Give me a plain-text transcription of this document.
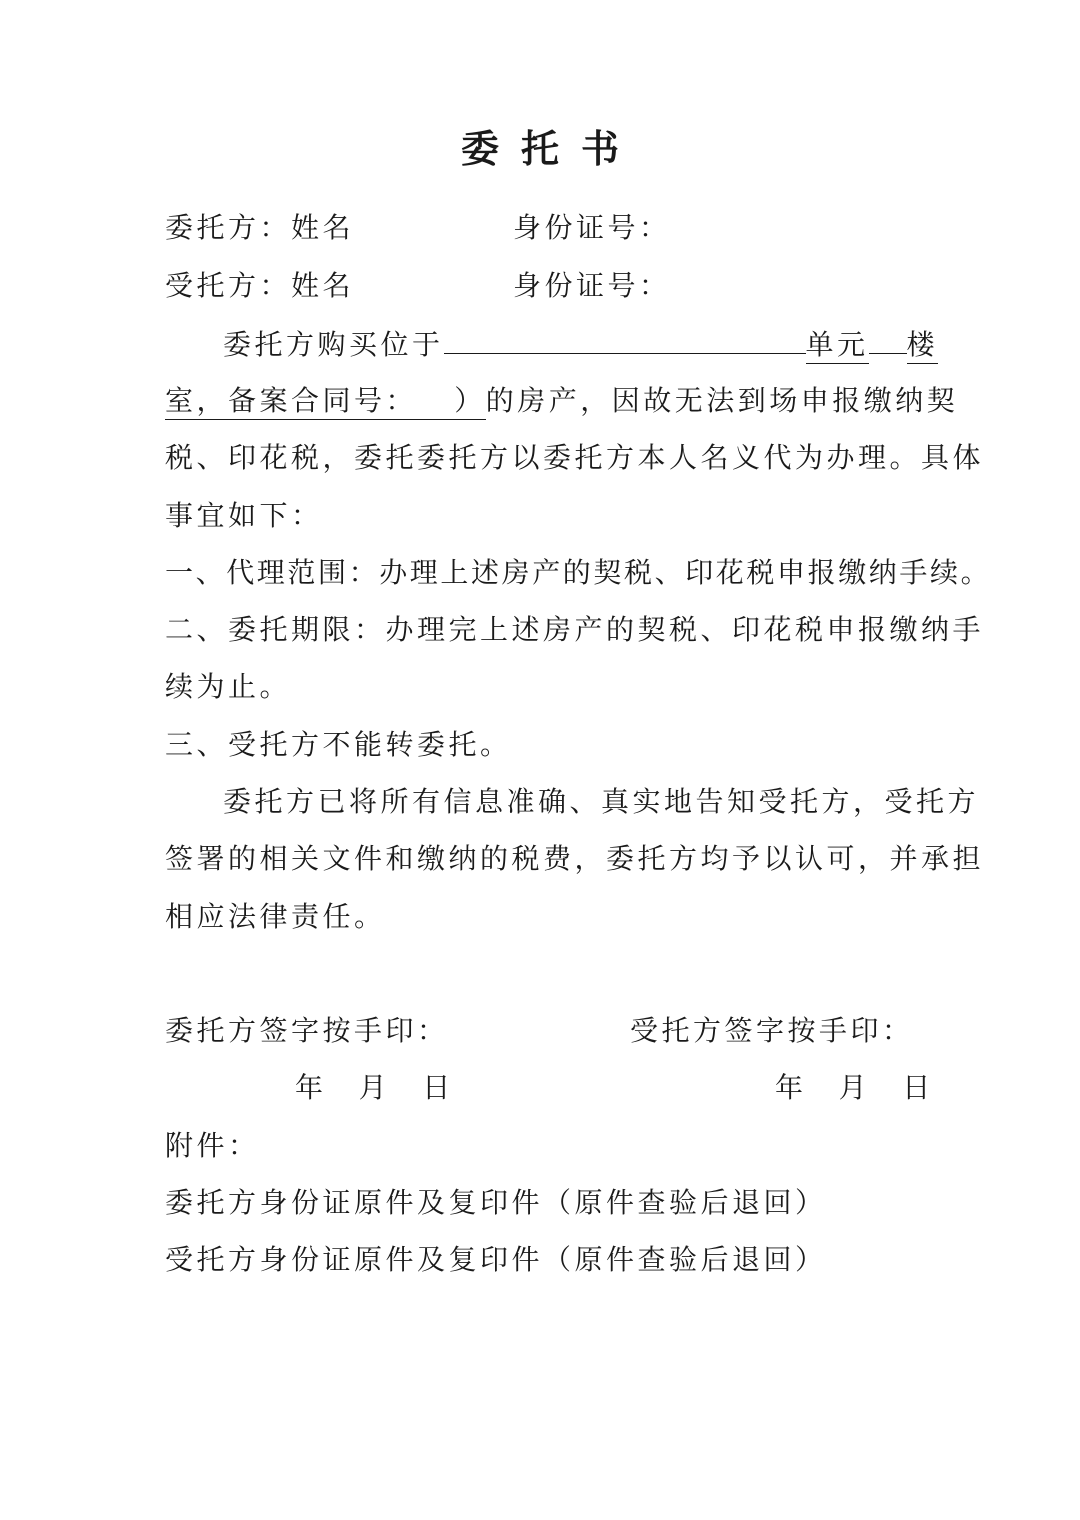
委托书
委托方：姓名	身份证号：
受托方：姓名	身份证号：
委托方购买位于	单元 楼
室，备案合同号：   ）的房产，因故无法到场申报缴纳契
税、印花税，委托委托方以委托方本人名义代为办理。具体
事宜如下：
一、代理范围：办理上述房产的契税、印花税申报缴纳手续。
二、委托期限：办理完上述房产的契税、印花税申报缴纳手
续为止。
三、受托方不能转委托。
委托方已将所有信息准确、真实地告知受托方，受托方
签署的相关文件和缴纳的税费，委托方均予以认可，并承担
相应法律责任。
委托方签字按手印：	受托方签字按手印：
年    月    日	年    月    日
附件：
委托方身份证原件及复印件（原件查验后退回）
受托方身份证原件及复印件（原件查验后退回）
